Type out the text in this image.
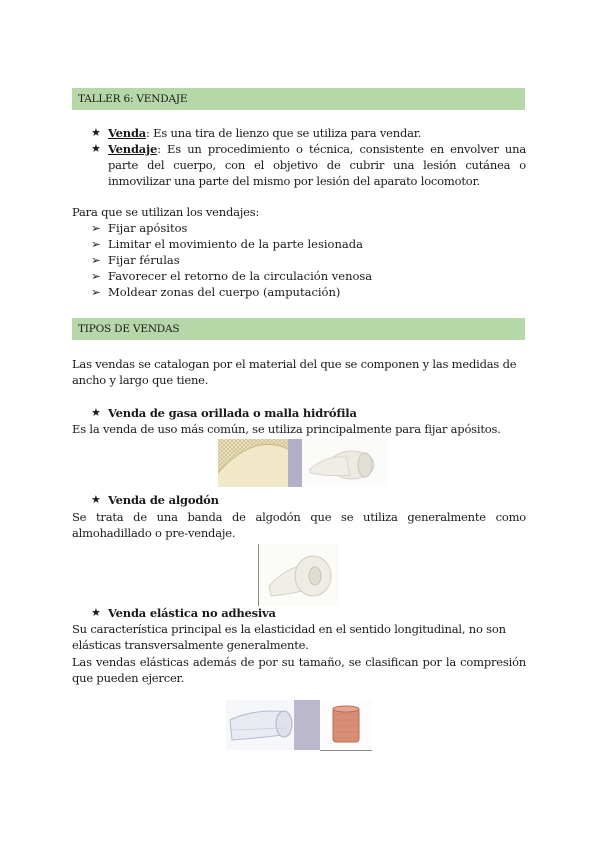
TALLER 6: VENDAJE
★ Venda: Es una tira de lienzo que se utiliza para vendar.
★ Vendaje: Es un procedimiento o técnica, consistente en envolver una parte del cuerpo, con el objetivo de cubrir una lesión cutánea o inmovilizar una parte del mismo por lesión del aparato locomotor.
Para que se utilizan los vendajes:
➢ Fijar apósitos
➢ Limitar el movimiento de la parte lesionada
➢ Fijar férulas
➢ Favorecer el retorno de la circulación venosa
➢ Moldear zonas del cuerpo (amputación)
TIPOS DE VENDAS
Las vendas se catalogan por el material del que se componen y las medidas de ancho y largo que tiene.
★ Venda de gasa orillada o malla hidrófila
Es la venda de uso más común, se utiliza principalmente para fijar apósitos.
★ Venda de algodón
Se trata de una banda de algodón que se utiliza generalmente como almohadillado o pre-vendaje.
★ Venda elástica no adhesiva
Su característica principal es la elasticidad en el sentido longitudinal, no son elásticas transversalmente generalmente.
Las vendas elásticas además de por su tamaño, se clasifican por la compresión que pueden ejercer.
